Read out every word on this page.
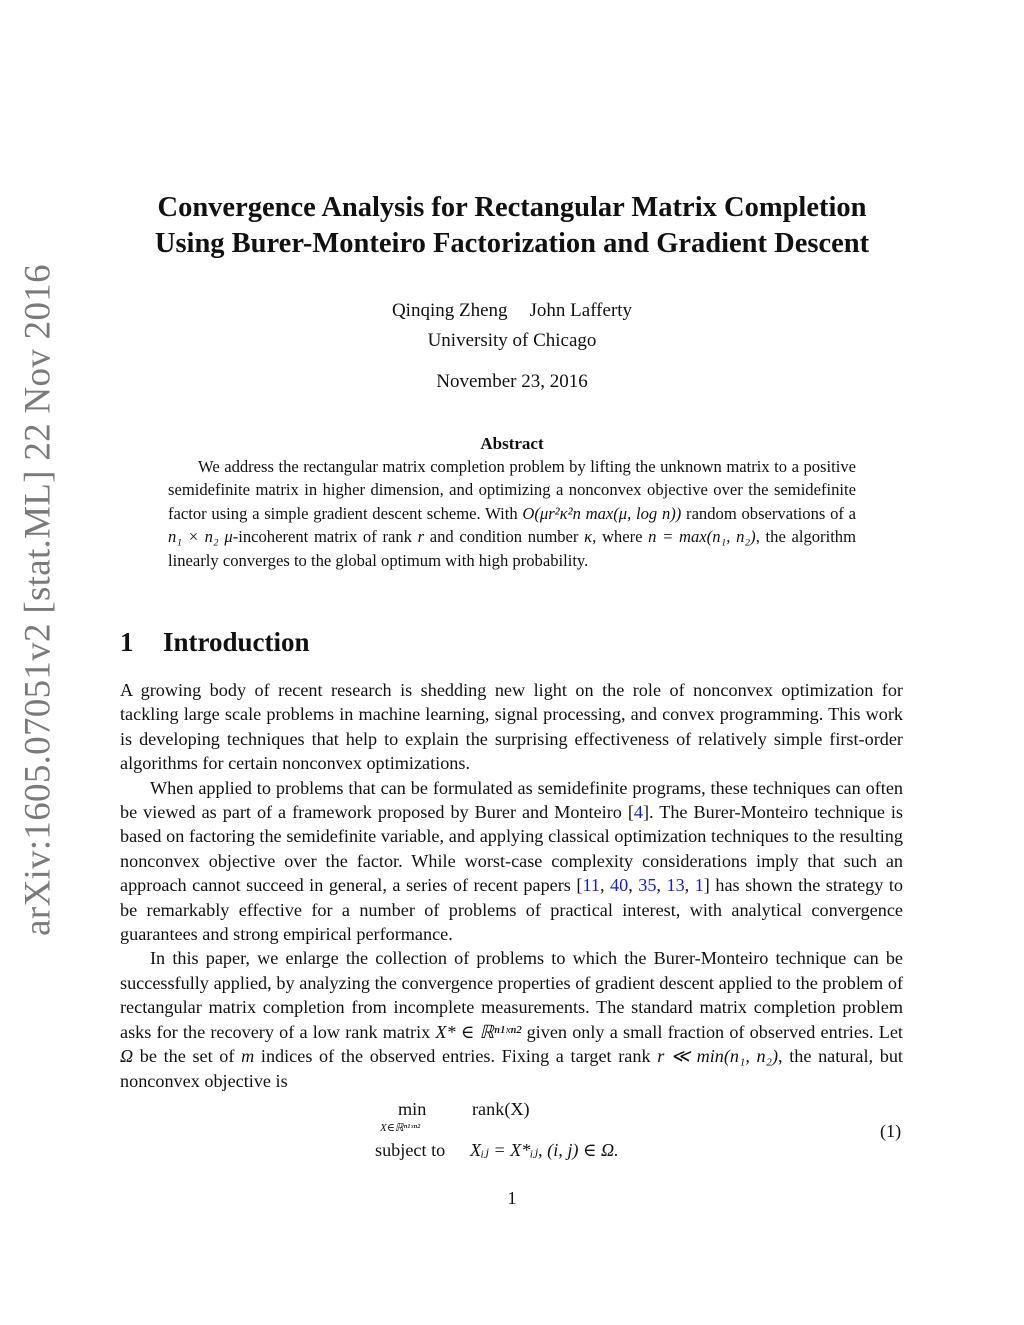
arXiv:1605.07051v2 [stat.ML] 22 Nov 2016
Convergence Analysis for Rectangular Matrix Completion
Using Burer-Monteiro Factorization and Gradient Descent
Qinqing Zheng John Lafferty
University of Chicago
November 23, 2016
Abstract

We address the rectangular matrix completion problem by lifting the unknown matrix to a positive semidefinite matrix in higher dimension, and optimizing a nonconvex objective over the semidefinite factor using a simple gradient descent scheme. With O(μr²κ²n max(μ, log n)) random observations of a n₁ × n₂ μ-incoherent matrix of rank r and condition number κ, where n = max(n₁, n₂), the algorithm linearly converges to the global optimum with high probability.

1 Introduction

A growing body of recent research is shedding new light on the role of nonconvex optimization for tackling large scale problems in machine learning, signal processing, and convex programming. This work is developing techniques that help to explain the surprising effectiveness of relatively simple first-order algorithms for certain nonconvex optimizations.

When applied to problems that can be formulated as semidefinite programs, these techniques can often be viewed as part of a framework proposed by Burer and Monteiro [4]. The Burer-Monteiro technique is based on factoring the semidefinite variable, and applying classical optimization techniques to the resulting nonconvex objective over the factor. While worst-case complexity considerations imply that such an approach cannot succeed in general, a series of recent papers [11, 40, 35, 13, 1] has shown the strategy to be remarkably effective for a number of problems of practical interest, with analytical convergence guarantees and strong empirical performance.

In this paper, we enlarge the collection of problems to which the Burer-Monteiro technique can be successfully applied, by analyzing the convergence properties of gradient descent applied to the problem of rectangular matrix completion from incomplete measurements. The standard matrix completion problem asks for the recovery of a low rank matrix X* ∈ ℝⁿ¹ˣⁿ² given only a small fraction of observed entries. Let Ω be the set of m indices of the observed entries. Fixing a target rank r ≪ min(n₁, n₂), the natural, but nonconvex objective is

min
X∈ℝⁿ¹ˣⁿ²
rank(X)
subject to Xᵢⱼ = X*ᵢⱼ, (i, j) ∈ Ω.
(1)
1
